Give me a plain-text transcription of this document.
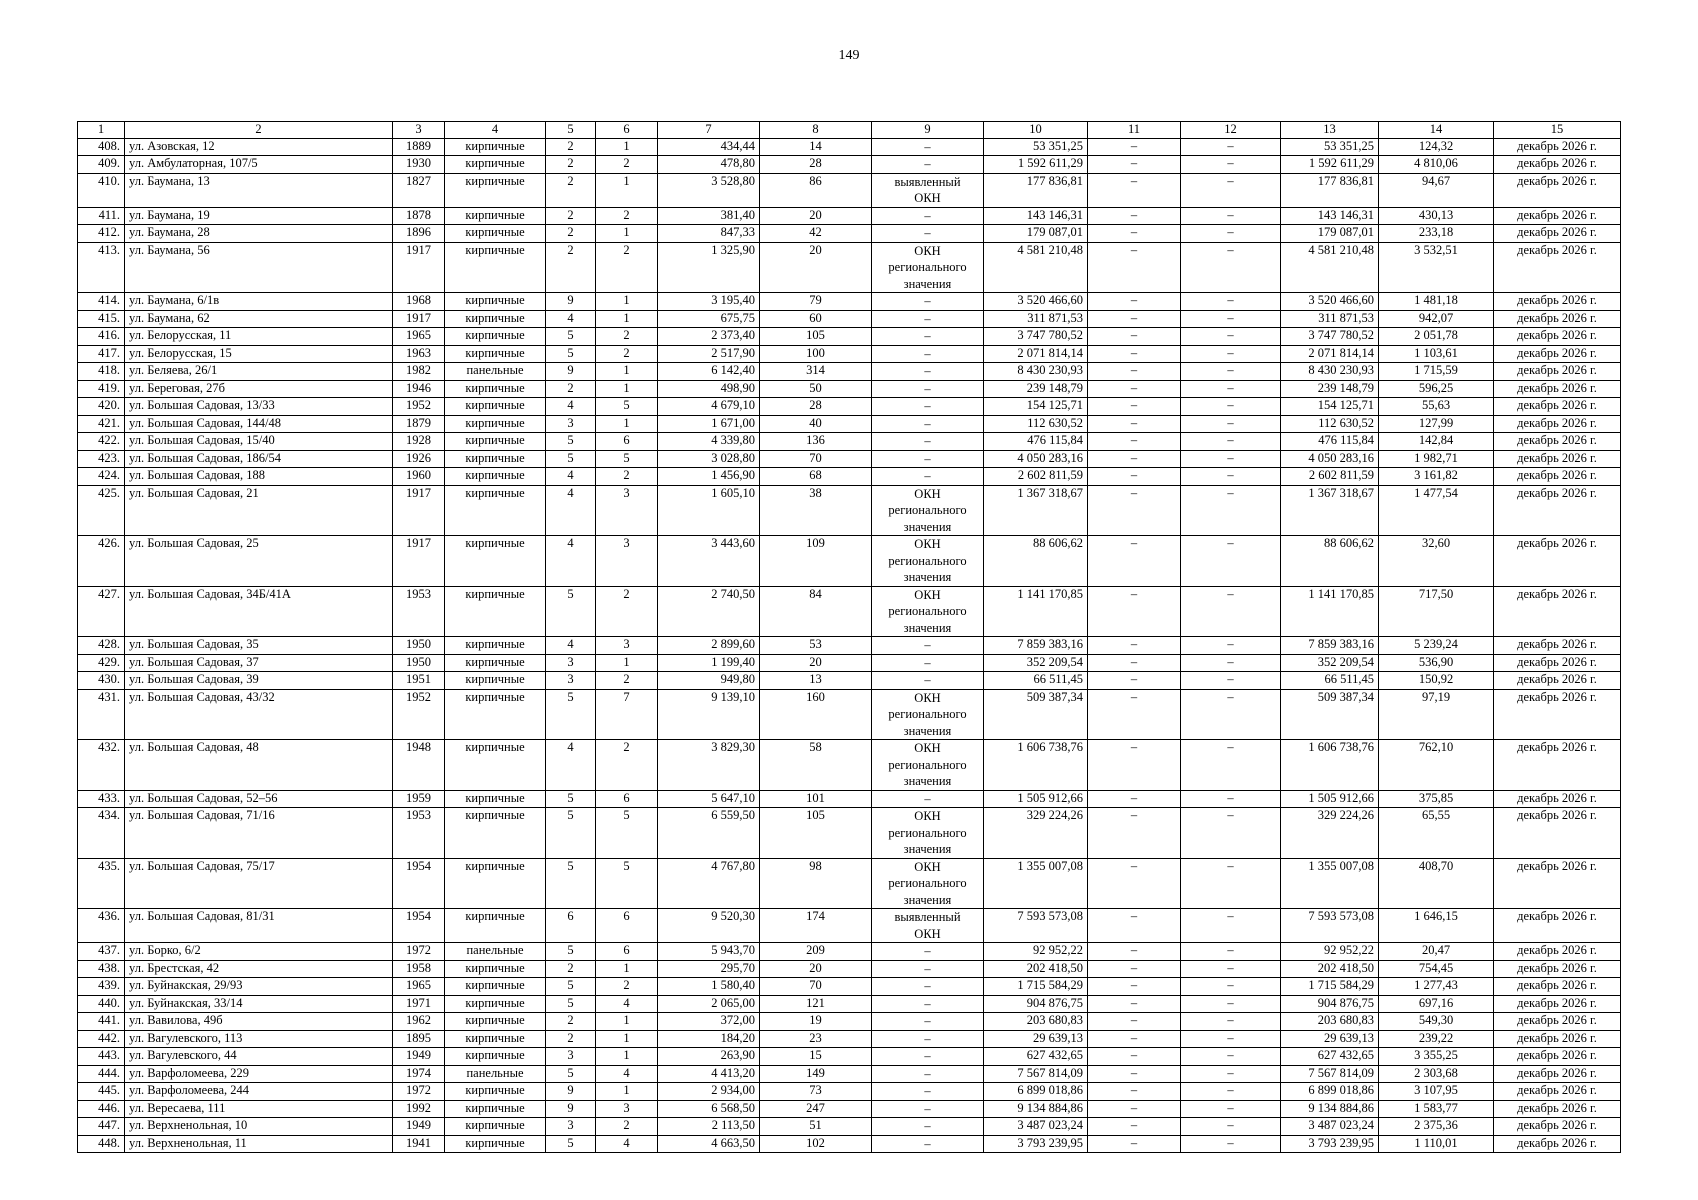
149
1	2	3	4	5	6	7	8	9	10	11	12	13	14	15
408.	ул. Азовская, 12	1889	кирпичные	2	1	434,44	14	–	53 351,25	–	–	53 351,25	124,32	декабрь 2026 г.
409.	ул. Амбулаторная, 107/5	1930	кирпичные	2	2	478,80	28	–	1 592 611,29	–	–	1 592 611,29	4 810,06	декабрь 2026 г.
410.	ул. Баумана, 13	1827	кирпичные	2	1	3 528,80	86	выявленный
ОКН	177 836,81	–	–	177 836,81	94,67	декабрь 2026 г.
411.	ул. Баумана, 19	1878	кирпичные	2	2	381,40	20	–	143 146,31	–	–	143 146,31	430,13	декабрь 2026 г.
412.	ул. Баумана, 28	1896	кирпичные	2	1	847,33	42	–	179 087,01	–	–	179 087,01	233,18	декабрь 2026 г.
413.	ул. Баумана, 56	1917	кирпичные	2	2	1 325,90	20	ОКН
регионального
значения	4 581 210,48	–	–	4 581 210,48	3 532,51	декабрь 2026 г.
414.	ул. Баумана, 6/1в	1968	кирпичные	9	1	3 195,40	79	–	3 520 466,60	–	–	3 520 466,60	1 481,18	декабрь 2026 г.
415.	ул. Баумана, 62	1917	кирпичные	4	1	675,75	60	–	311 871,53	–	–	311 871,53	942,07	декабрь 2026 г.
416.	ул. Белорусская, 11	1965	кирпичные	5	2	2 373,40	105	–	3 747 780,52	–	–	3 747 780,52	2 051,78	декабрь 2026 г.
417.	ул. Белорусская, 15	1963	кирпичные	5	2	2 517,90	100	–	2 071 814,14	–	–	2 071 814,14	1 103,61	декабрь 2026 г.
418.	ул. Беляева, 26/1	1982	панельные	9	1	6 142,40	314	–	8 430 230,93	–	–	8 430 230,93	1 715,59	декабрь 2026 г.
419.	ул. Береговая, 27б	1946	кирпичные	2	1	498,90	50	–	239 148,79	–	–	239 148,79	596,25	декабрь 2026 г.
420.	ул. Большая Садовая, 13/33	1952	кирпичные	4	5	4 679,10	28	–	154 125,71	–	–	154 125,71	55,63	декабрь 2026 г.
421.	ул. Большая Садовая, 144/48	1879	кирпичные	3	1	1 671,00	40	–	112 630,52	–	–	112 630,52	127,99	декабрь 2026 г.
422.	ул. Большая Садовая, 15/40	1928	кирпичные	5	6	4 339,80	136	–	476 115,84	–	–	476 115,84	142,84	декабрь 2026 г.
423.	ул. Большая Садовая, 186/54	1926	кирпичные	5	5	3 028,80	70	–	4 050 283,16	–	–	4 050 283,16	1 982,71	декабрь 2026 г.
424.	ул. Большая Садовая, 188	1960	кирпичные	4	2	1 456,90	68	–	2 602 811,59	–	–	2 602 811,59	3 161,82	декабрь 2026 г.
425.	ул. Большая Садовая, 21	1917	кирпичные	4	3	1 605,10	38	ОКН
регионального
значения	1 367 318,67	–	–	1 367 318,67	1 477,54	декабрь 2026 г.
426.	ул. Большая Садовая, 25	1917	кирпичные	4	3	3 443,60	109	ОКН
регионального
значения	88 606,62	–	–	88 606,62	32,60	декабрь 2026 г.
427.	ул. Большая Садовая, 34Б/41А	1953	кирпичные	5	2	2 740,50	84	ОКН
регионального
значения	1 141 170,85	–	–	1 141 170,85	717,50	декабрь 2026 г.
428.	ул. Большая Садовая, 35	1950	кирпичные	4	3	2 899,60	53	–	7 859 383,16	–	–	7 859 383,16	5 239,24	декабрь 2026 г.
429.	ул. Большая Садовая, 37	1950	кирпичные	3	1	1 199,40	20	–	352 209,54	–	–	352 209,54	536,90	декабрь 2026 г.
430.	ул. Большая Садовая, 39	1951	кирпичные	3	2	949,80	13	–	66 511,45	–	–	66 511,45	150,92	декабрь 2026 г.
431.	ул. Большая Садовая, 43/32	1952	кирпичные	5	7	9 139,10	160	ОКН
регионального
значения	509 387,34	–	–	509 387,34	97,19	декабрь 2026 г.
432.	ул. Большая Садовая, 48	1948	кирпичные	4	2	3 829,30	58	ОКН
регионального
значения	1 606 738,76	–	–	1 606 738,76	762,10	декабрь 2026 г.
433.	ул. Большая Садовая, 52–56	1959	кирпичные	5	6	5 647,10	101	–	1 505 912,66	–	–	1 505 912,66	375,85	декабрь 2026 г.
434.	ул. Большая Садовая, 71/16	1953	кирпичные	5	5	6 559,50	105	ОКН
регионального
значения	329 224,26	–	–	329 224,26	65,55	декабрь 2026 г.
435.	ул. Большая Садовая, 75/17	1954	кирпичные	5	5	4 767,80	98	ОКН
регионального
значения	1 355 007,08	–	–	1 355 007,08	408,70	декабрь 2026 г.
436.	ул. Большая Садовая, 81/31	1954	кирпичные	6	6	9 520,30	174	выявленный
ОКН	7 593 573,08	–	–	7 593 573,08	1 646,15	декабрь 2026 г.
437.	ул. Борко, 6/2	1972	панельные	5	6	5 943,70	209	–	92 952,22	–	–	92 952,22	20,47	декабрь 2026 г.
438.	ул. Брестская, 42	1958	кирпичные	2	1	295,70	20	–	202 418,50	–	–	202 418,50	754,45	декабрь 2026 г.
439.	ул. Буйнакская, 29/93	1965	кирпичные	5	2	1 580,40	70	–	1 715 584,29	–	–	1 715 584,29	1 277,43	декабрь 2026 г.
440.	ул. Буйнакская, 33/14	1971	кирпичные	5	4	2 065,00	121	–	904 876,75	–	–	904 876,75	697,16	декабрь 2026 г.
441.	ул. Вавилова, 49б	1962	кирпичные	2	1	372,00	19	–	203 680,83	–	–	203 680,83	549,30	декабрь 2026 г.
442.	ул. Вагулевского, 113	1895	кирпичные	2	1	184,20	23	–	29 639,13	–	–	29 639,13	239,22	декабрь 2026 г.
443.	ул. Вагулевского, 44	1949	кирпичные	3	1	263,90	15	–	627 432,65	–	–	627 432,65	3 355,25	декабрь 2026 г.
444.	ул. Варфоломеева, 229	1974	панельные	5	4	4 413,20	149	–	7 567 814,09	–	–	7 567 814,09	2 303,68	декабрь 2026 г.
445.	ул. Варфоломеева, 244	1972	кирпичные	9	1	2 934,00	73	–	6 899 018,86	–	–	6 899 018,86	3 107,95	декабрь 2026 г.
446.	ул. Вересаева, 111	1992	кирпичные	9	3	6 568,50	247	–	9 134 884,86	–	–	9 134 884,86	1 583,77	декабрь 2026 г.
447.	ул. Верхненольная, 10	1949	кирпичные	3	2	2 113,50	51	–	3 487 023,24	–	–	3 487 023,24	2 375,36	декабрь 2026 г.
448.	ул. Верхненольная, 11	1941	кирпичные	5	4	4 663,50	102	–	3 793 239,95	–	–	3 793 239,95	1 110,01	декабрь 2026 г.
